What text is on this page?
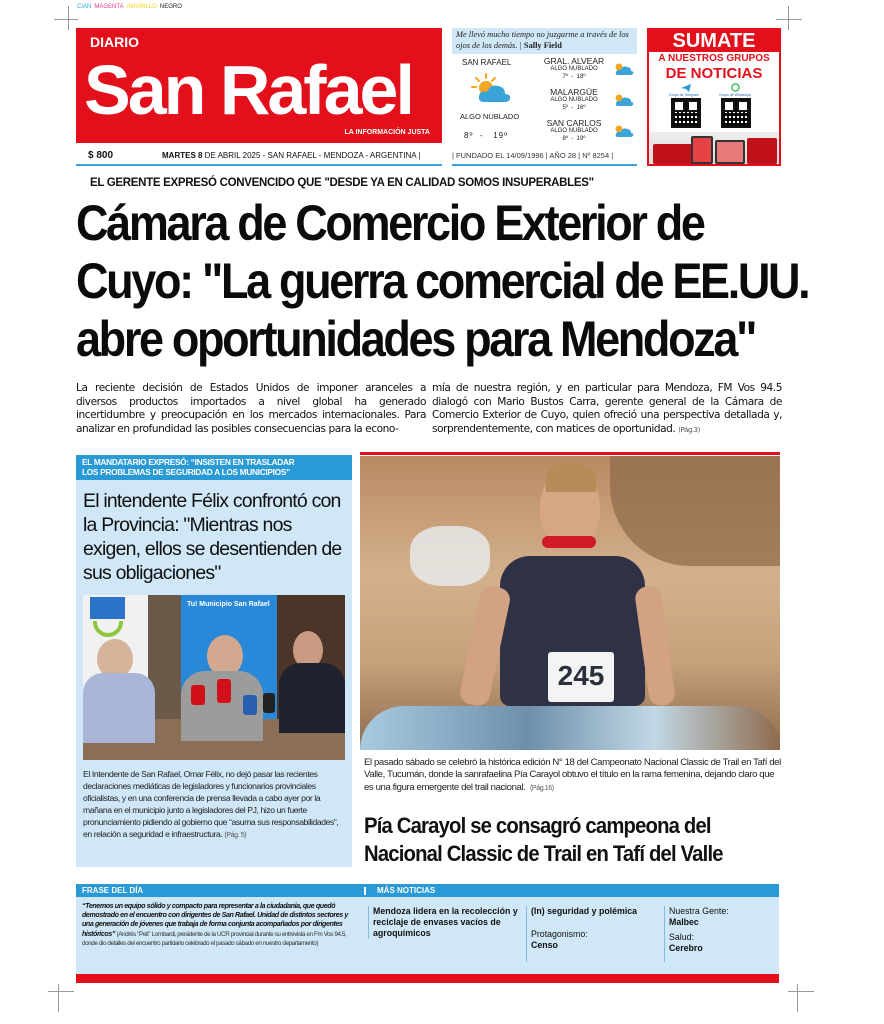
CIAN MAGENTA AMARILLO NEGRO
DIARIO
San Rafael
LA INFORMACIÓN JUSTA
$ 800	MARTES 8 DE ABRIL 2025 - SAN RAFAEL - MENDOZA - ARGENTINA |
Me llevó mucho tiempo no juzgarme a través de los ojos de los demás. | Sally Field
SAN RAFAEL
ALGO NUBLADO
8º  -   19º
GRAL. ALVEAR
ALGO NUBLADO
7º  -  18º
MALARGÜE
ALGO NUBLADO
5º  -  16º
SAN CARLOS
ALGO NUBLADO
8º  -  19º
| FUNDADO EL 14/09/1996 | AÑO 28 | Nº 8254 |
SUMATE
A NUESTROS GRUPOS
DE NOTICIAS
Grupo de Telegram	Grupo de WhatsApp
EL GERENTE EXPRESÓ CONVENCIDO QUE "DESDE YA EN CALIDAD SOMOS INSUPERABLES"
Cámara de Comercio Exterior de
Cuyo: "La guerra comercial de EE.UU.
abre oportunidades para Mendoza"
La reciente decisión de Estados Unidos de imponer aranceles a diversos productos importados a nivel global ha generado incertidumbre y preocupación en los mercados internacionales. Para analizar en profundidad las posibles consecuencias para la econo-
mía de nuestra región, y en particular para Mendoza, FM Vos 94.5 dialogó con Mario Bustos Carra, gerente general de la Cámara de Comercio Exterior de Cuyo, quien ofreció una perspectiva detallada y, sorprendentemente, con matices de oportunidad. (Pág.3)
EL MANDATARIO EXPRESÓ: “INSISTEN EN TRASLADAR
LOS PROBLEMAS DE SEGURIDAD A LOS MUNICIPIOS”
El intendente Félix confrontó con la Provincia: "Mientras nos exigen, ellos se desentienden de sus obligaciones"
Tu! Municipio San Rafael
El Intendente de San Rafael, Omar Félix, no dejó pasar las recientes declaraciones mediáticas de legisladores y funcionarios provinciales oficialistas, y en una conferencia de prensa llevada a cabo ayer por la mañana en el municipio junto a legisladores del PJ, hizo un fuerte pronunciamiento pidiendo al gobierno que “asuma sus responsabilidades”, en relación a seguridad e infraestructura. (Pág. 5)
245
El pasado sábado se celebró la histórica edición N° 18 del Campeonato Nacional Classic de Trail en Tafí del Valle, Tucumán, donde la sanrafaelina Pía Carayol obtuvo el título en la rama femenina, dejando claro que es una figura emergente del trail nacional. (Pág.16)
Pía Carayol se consagró campeona del
Nacional Classic de Trail en Tafí del Valle
FRASE DEL DÍA	MÁS NOTICIAS
“Tenemos un equipo sólido y compacto para representar a la ciudadanía, que quedó demostrado en el encuentro con dirigentes de San Rafael. Unidad de distintos sectores y una generación de jóvenes que trabaja de forma conjunta acompañados por dirigentes históricos” (Andrés "Peti" Lombardi, presidente de la UCR provincial durante su entrevista en Fm Vos 94.5, donde dio detalles del encuentro partidario celebrado el pasado sábado en nuestro departamento)
Mendoza lidera en la recolección y reciclaje de envases vacíos de agroquímicos
(In) seguridad y polémica
Protagonismo:
Censo
Nuestra Gente:
Malbec
Salud:
Cerebro
